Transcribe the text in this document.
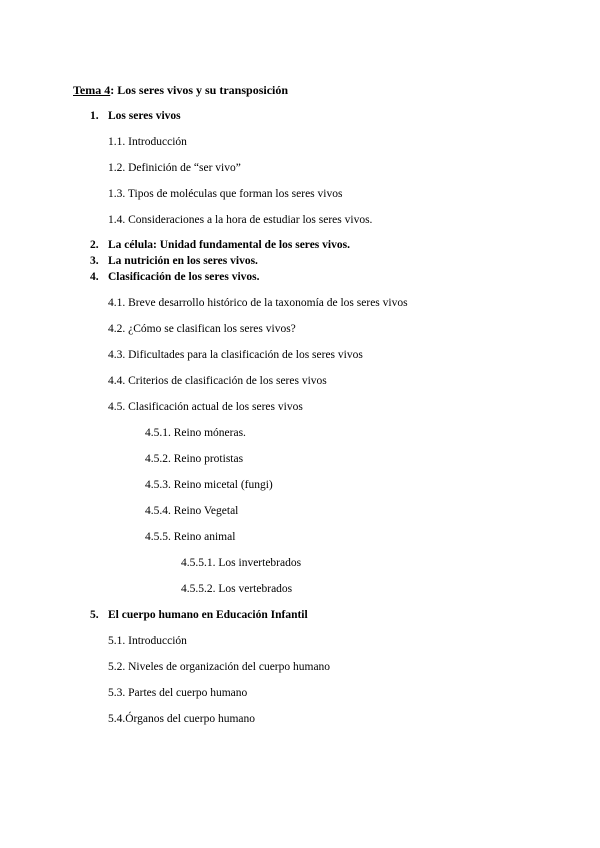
Tema 4: Los seres vivos y su transposición
1. Los seres vivos
1.1. Introducción
1.2. Definición de “ser vivo”
1.3. Tipos de moléculas que forman los seres vivos
1.4. Consideraciones a la hora de estudiar los seres vivos.
2. La célula: Unidad fundamental de los seres vivos.
3. La nutrición en los seres vivos.
4. Clasificación de los seres vivos.
4.1. Breve desarrollo histórico de la taxonomía de los seres vivos
4.2. ¿Cómo se clasifican los seres vivos?
4.3. Dificultades para la clasificación de los seres vivos
4.4. Criterios de clasificación de los seres vivos
4.5. Clasificación actual de los seres vivos
4.5.1. Reino móneras.
4.5.2. Reino protistas
4.5.3. Reino micetal (fungi)
4.5.4. Reino Vegetal
4.5.5. Reino animal
4.5.5.1. Los invertebrados
4.5.5.2. Los vertebrados
5. El cuerpo humano en Educación Infantil
5.1. Introducción
5.2. Niveles de organización del cuerpo humano
5.3. Partes del cuerpo humano
5.4.Órganos del cuerpo humano
